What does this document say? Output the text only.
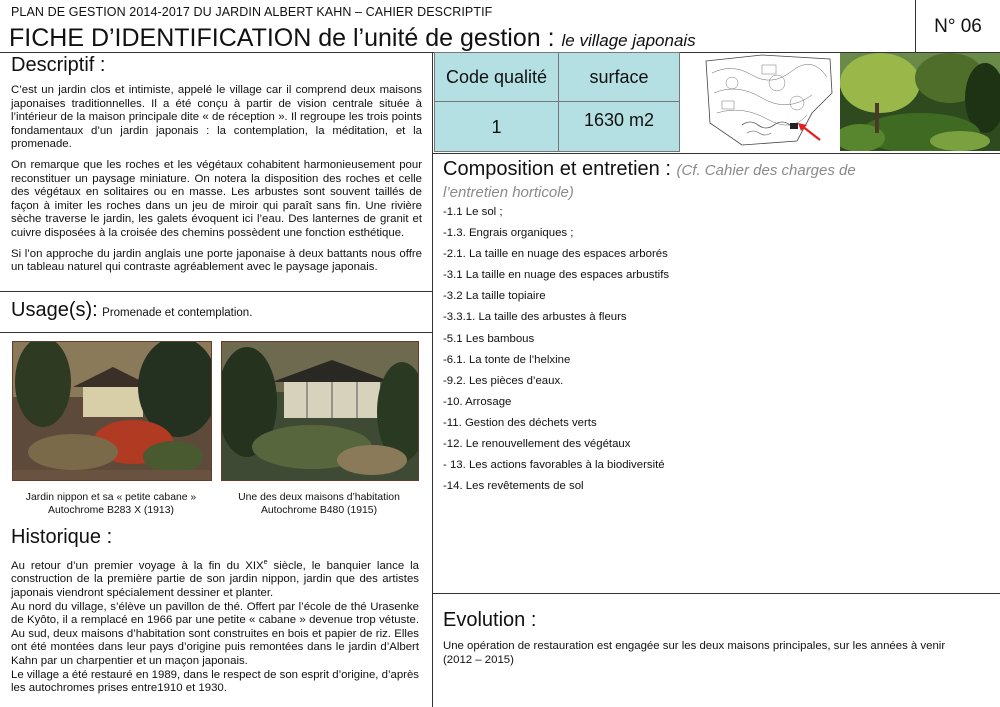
PLAN DE GESTION 2014-2017 DU JARDIN ALBERT KAHN – CAHIER DESCRIPTIF
FICHE D’IDENTIFICATION de l’unité de gestion : le village japonais
N° 06
Descriptif :

C’est un jardin clos et intimiste, appelé le village car il comprend deux maisons japonaises traditionnelles. Il a été conçu à partir de vision centrale située à l’intérieur de la maison principale dite « de réception ». Il regroupe les trois points fondamentaux d’un jardin japonais : la contemplation, la méditation, et la promenade.

On remarque que les roches et les végétaux cohabitent harmonieusement pour reconstituer un paysage miniature. On notera la disposition des roches et celle des végétaux en solitaires ou en masse. Les arbustes sont souvent taillés de façon à imiter les roches dans un jeu de miroir qui paraît sans fin. Une rivière sèche traverse le jardin, les galets évoquent ici l’eau. Des lanternes de granit et cuivre disposées à la croisée des chemins possèdent une fonction esthétique.

Si l’on approche du jardin anglais une porte japonaise à deux battants nous offre un tableau naturel qui contraste agréablement avec le paysage japonais.

Usage(s): Promenade et contemplation.
Jardin nippon et sa « petite cabane »
Autochrome B283 X (1913)
Une des deux maisons d’habitation
Autochrome B480 (1915)
Historique :

Au retour d’un premier voyage à la fin du XIXe siècle, le banquier lance la construction de la première partie de son jardin nippon, jardin que des artistes japonais viendront spécialement dessiner et planter.

Au nord du village, s’élève un pavillon de thé. Offert par l’école de thé Urasenke de Kyôto, il a remplacé en 1966 par une petite « cabane » devenue trop vétuste. Au sud, deux maisons d’habitation sont construites en bois et papier de riz. Elles ont été montées dans leur pays d’origine puis remontées dans le jardin d’Albert Kahn par un charpentier et un maçon japonais.

Le village a été restauré en 1989, dans le respect de son esprit d’origine, d’après les autochromes prises entre1910 et 1930.

Code qualité	surface
1	1630 m2
Composition et entretien : (Cf. Cahier des charges de l’entretien horticole)
-1.1 Le sol ;
-1.3. Engrais organiques ;
-2.1. La taille en nuage des espaces arborés
-3.1 La taille en nuage des espaces arbustifs
-3.2 La taille topiaire
-3.3.1. La taille des arbustes à fleurs
-5.1 Les bambous
-6.1. La tonte de l’helxine
-9.2. Les pièces d’eaux.
-10. Arrosage
-11. Gestion des déchets verts
-12. Le renouvellement des végétaux
- 13. Les actions favorables à la biodiversité
-14. Les revêtements de sol
Evolution :
Une opération de restauration est engagée sur les deux maisons principales, sur les années à venir (2012 – 2015)
